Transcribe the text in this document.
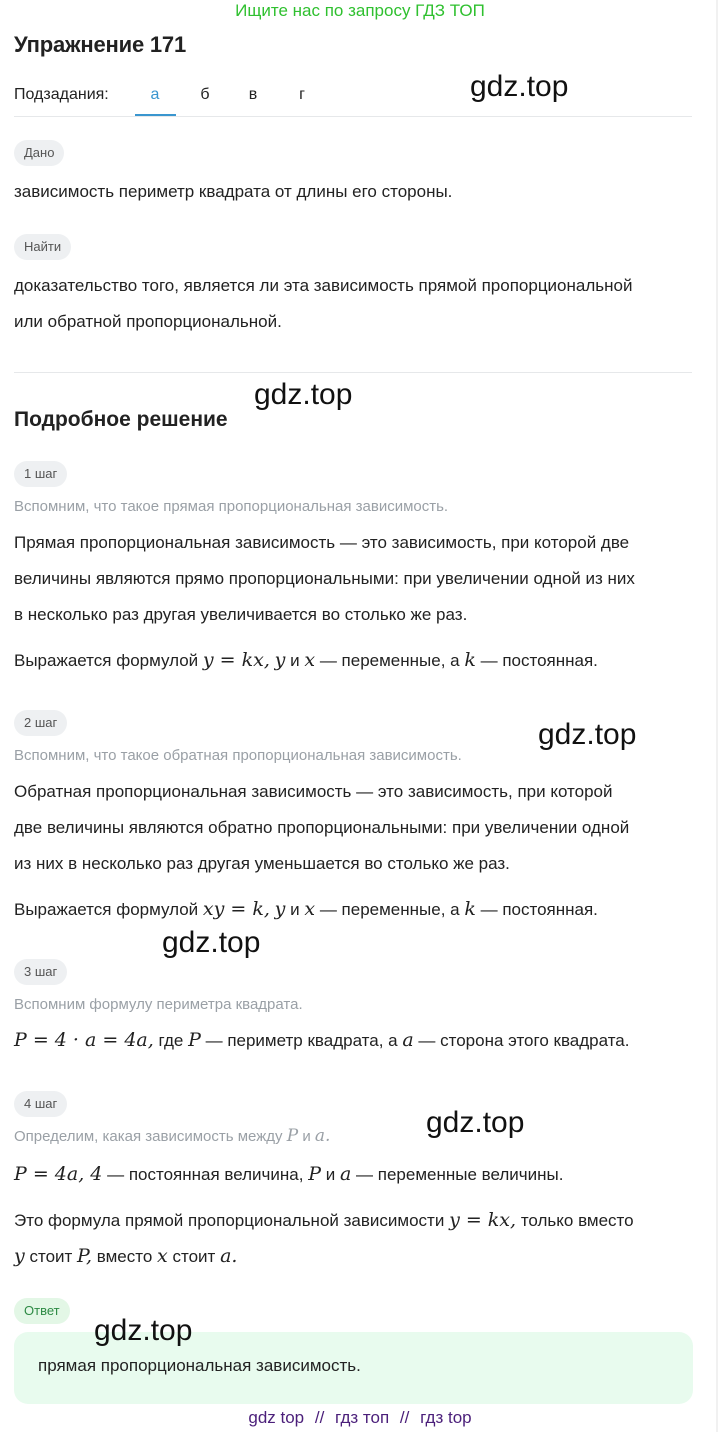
Ищите нас по запросу ГДЗ ТОП
Упражнение 171
Подзадания:	а	б	в	г	gdz.top
Дано
зависимость периметр квадрата от длины его стороны.
Найти
доказательство того, является ли эта зависимость прямой пропорциональной
или обратной пропорциональной.
gdz.top
Подробное решение
1 шаг
Вспомним, что такое прямая пропорциональная зависимость.
Прямая пропорциональная зависимость — это зависимость, при которой две
величины являются прямо пропорциональными: при увеличении одной из них
в несколько раз другая увеличивается во столько же раз.
Выражается формулой y = kx, y и x — переменные, а k — постоянная.
2 шаг	gdz.top
Вспомним, что такое обратная пропорциональная зависимость.
Обратная пропорциональная зависимость — это зависимость, при которой
две величины являются обратно пропорциональными: при увеличении одной
из них в несколько раз другая уменьшается во столько же раз.
Выражается формулой xy = k, y и x — переменные, а k — постоянная.
gdz.top
3 шаг
Вспомним формулу периметра квадрата.
P = 4 · a = 4a, где P — периметр квадрата, а a — сторона этого квадрата.
4 шаг
gdz.top
Определим, какая зависимость между P и a.
P = 4a, 4 — постоянная величина, P и a — переменные величины.
Это формула прямой пропорциональной зависимости y = kx, только вместо
y стоит P, вместо x стоит a.
Ответ
прямая пропорциональная зависимость.
gdz.top
gdz top // гдз топ // гдз top
